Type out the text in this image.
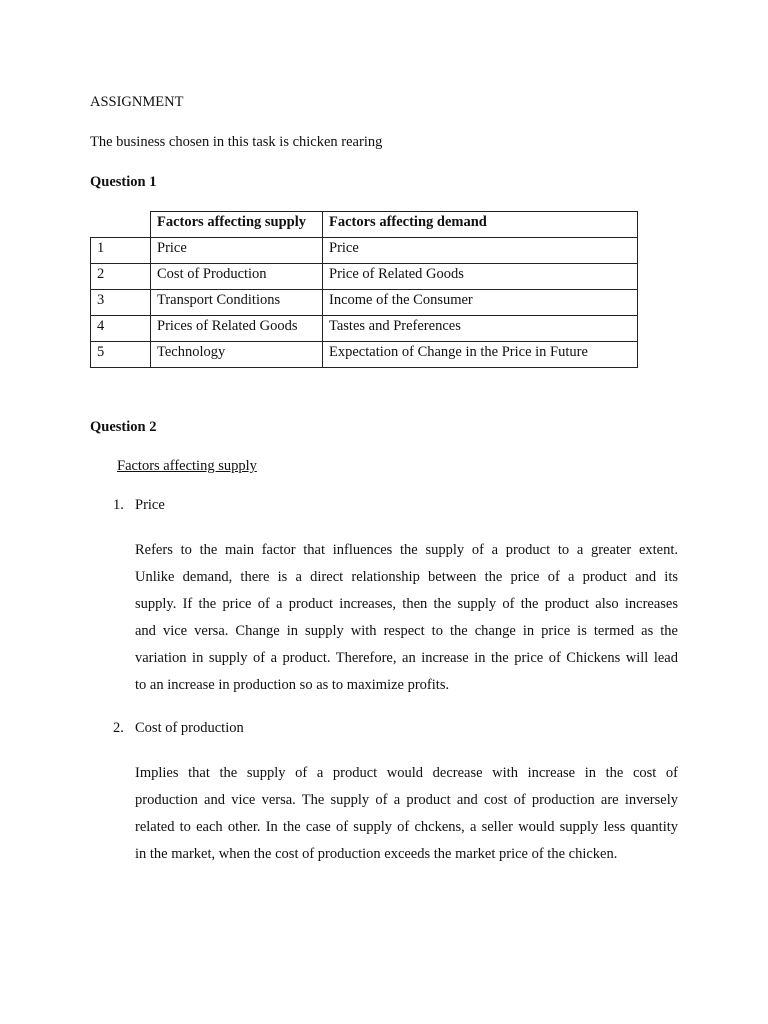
ASSIGNMENT
The business chosen in this task is chicken rearing
Question 1
	Factors affecting supply	Factors affecting demand
1	Price	Price
2	Cost of Production	Price of Related Goods
3	Transport Conditions	Income of the Consumer
4	Prices of Related Goods	Tastes and Preferences
5	Technology	Expectation of Change in the Price in Future
Question 2
Factors affecting supply
1. Price
Refers to the main factor that influences the supply of a product to a greater extent.
Unlike demand, there is a direct relationship between the price of a product and its
supply. If the price of a product increases, then the supply of the product also increases
and vice versa. Change in supply with respect to the change in price is termed as the
variation in supply of a product. Therefore, an increase in the price of Chickens will lead
to an increase in production so as to maximize profits.
2. Cost of production
Implies that the supply of a product would decrease with increase in the cost of
production and vice versa. The supply of a product and cost of production are inversely
related to each other. In the case of supply of chckens, a seller would supply less quantity
in the market, when the cost of production exceeds the market price of the chicken.
